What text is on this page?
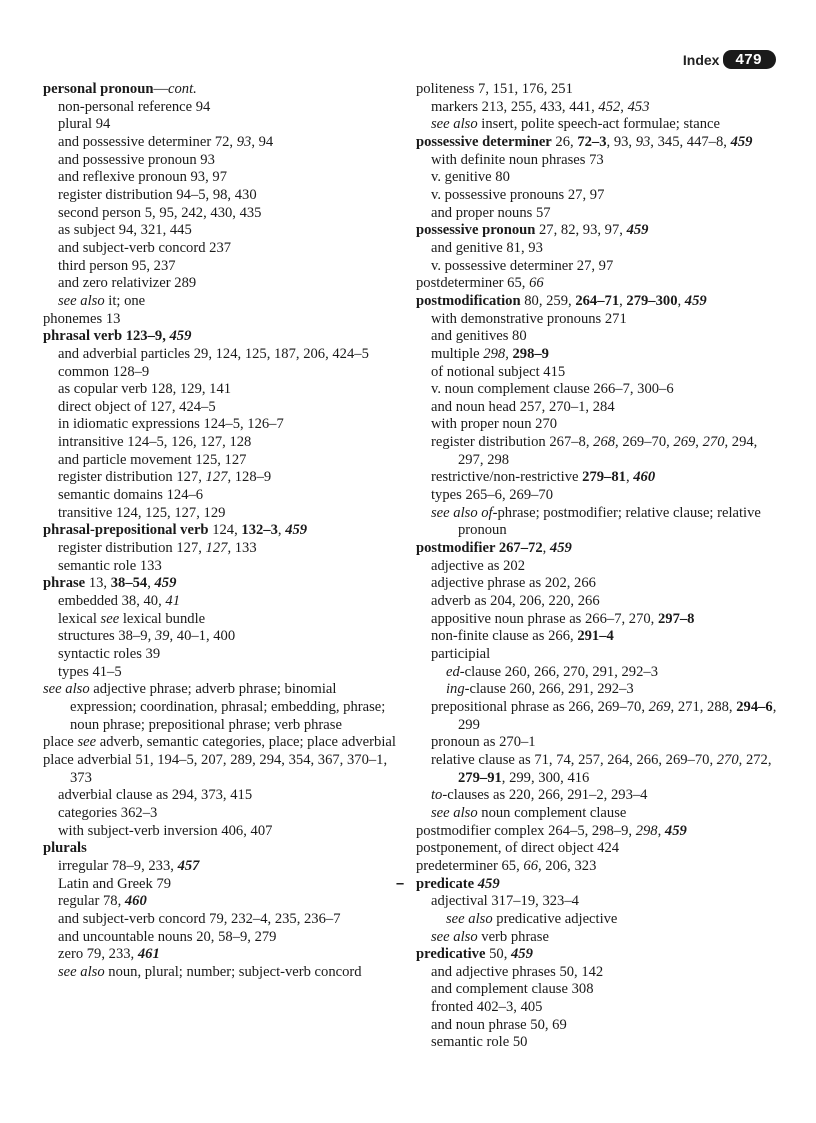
Index	479
personal pronoun—cont.
non-personal reference 94
plural 94
and possessive determiner 72, 93, 94
and possessive pronoun 93
and reflexive pronoun 93, 97
register distribution 94–5, 98, 430
second person 5, 95, 242, 430, 435
as subject 94, 321, 445
and subject-verb concord 237
third person 95, 237
and zero relativizer 289
see also it; one
phonemes 13
phrasal verb 123–9, 459
and adverbial particles 29, 124, 125, 187, 206, 424–5
common 128–9
as copular verb 128, 129, 141
direct object of 127, 424–5
in idiomatic expressions 124–5, 126–7
intransitive 124–5, 126, 127, 128
and particle movement 125, 127
register distribution 127, 127, 128–9
semantic domains 124–6
transitive 124, 125, 127, 129
phrasal-prepositional verb 124, 132–3, 459
register distribution 127, 127, 133
semantic role 133
phrase 13, 38–54, 459
embedded 38, 40, 41
lexical see lexical bundle
structures 38–9, 39, 40–1, 400
syntactic roles 39
types 41–5
see also adjective phrase; adverb phrase; binomial expression; coordination, phrasal; embedding, phrase; noun phrase; prepositional phrase; verb phrase
place see adverb, semantic categories, place; place adverbial
place adverbial 51, 194–5, 207, 289, 294, 354, 367, 370–1, 373
adverbial clause as 294, 373, 415
categories 362–3
with subject-verb inversion 406, 407
plurals
irregular 78–9, 233, 457
Latin and Greek 79
regular 78, 460
and subject-verb concord 79, 232–4, 235, 236–7
and uncountable nouns 20, 58–9, 279
zero 79, 233, 461
see also noun, plural; number; subject-verb concord
politeness 7, 151, 176, 251
markers 213, 255, 433, 441, 452, 453
see also insert, polite speech-act formulae; stance
possessive determiner 26, 72–3, 93, 93, 345, 447–8, 459
with definite noun phrases 73
v. genitive 80
v. possessive pronouns 27, 97
and proper nouns 57
possessive pronoun 27, 82, 93, 97, 459
and genitive 81, 93
v. possessive determiner 27, 97
postdeterminer 65, 66
postmodification 80, 259, 264–71, 279–300, 459
with demonstrative pronouns 271
and genitives 80
multiple 298, 298–9
of notional subject 415
v. noun complement clause 266–7, 300–6
and noun head 257, 270–1, 284
with proper noun 270
register distribution 267–8, 268, 269–70, 269, 270, 294, 297, 298
restrictive/non-restrictive 279–81, 460
types 265–6, 269–70
see also of-phrase; postmodifier; relative clause; relative pronoun
postmodifier 267–72, 459
adjective as 202
adjective phrase as 202, 266
adverb as 204, 206, 220, 266
appositive noun phrase as 266–7, 270, 297–8
non-finite clause as 266, 291–4
participial
ed-clause 260, 266, 270, 291, 292–3
ing-clause 260, 266, 291, 292–3
prepositional phrase as 266, 269–70, 269, 271, 288, 294–6, 299
pronoun as 270–1
relative clause as 71, 74, 257, 264, 266, 269–70, 270, 272, 279–91, 299, 300, 416
to-clauses as 220, 266, 291–2, 293–4
see also noun complement clause
postmodifier complex 264–5, 298–9, 298, 459
postponement, of direct object 424
predeterminer 65, 66, 206, 323
– predicate 459
adjectival 317–19, 323–4
see also predicative adjective
see also verb phrase
predicative 50, 459
and adjective phrases 50, 142
and complement clause 308
fronted 402–3, 405
and noun phrase 50, 69
semantic role 50
